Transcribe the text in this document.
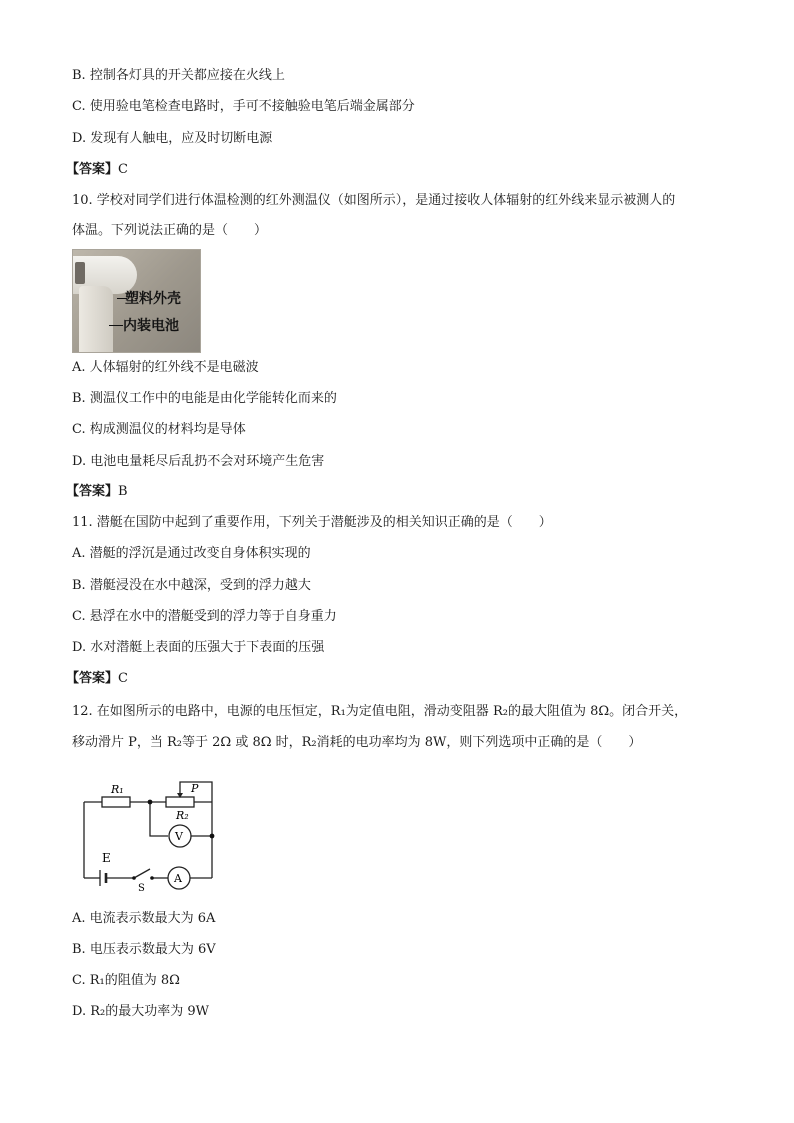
B. 控制各灯具的开关都应接在火线上
C. 使用验电笔检查电路时，手可不接触验电笔后端金属部分
D. 发现有人触电，应及时切断电源
【答案】C
10. 学校对同学们进行体温检测的红外测温仪（如图所示），是通过接收人体辐射的红外线来显示被测人的
体温。下列说法正确的是（　　）
塑料外壳
内装电池
A. 人体辐射的红外线不是电磁波
B. 测温仪工作中的电能是由化学能转化而来的
C. 构成测温仪的材料均是导体
D. 电池电量耗尽后乱扔不会对环境产生危害
【答案】B
11. 潜艇在国防中起到了重要作用，下列关于潜艇涉及的相关知识正确的是（　　）
A. 潜艇的浮沉是通过改变自身体积实现的
B. 潜艇浸没在水中越深，受到的浮力越大
C. 悬浮在水中的潜艇受到的浮力等于自身重力
D. 水对潜艇上表面的压强大于下表面的压强
【答案】C
12. 在如图所示的电路中，电源的电压恒定，R₁为定值电阻，滑动变阻器 R₂的最大阻值为 8Ω。闭合开关，
移动滑片 P，当 R₂等于 2Ω 或 8Ω 时，R₂消耗的电功率均为 8W，则下列选项中正确的是（　　）
R₁
R₂
P
V
A
E
S
A. 电流表示数最大为 6A
B. 电压表示数最大为 6V
C. R₁的阻值为 8Ω
D. R₂的最大功率为 9W
